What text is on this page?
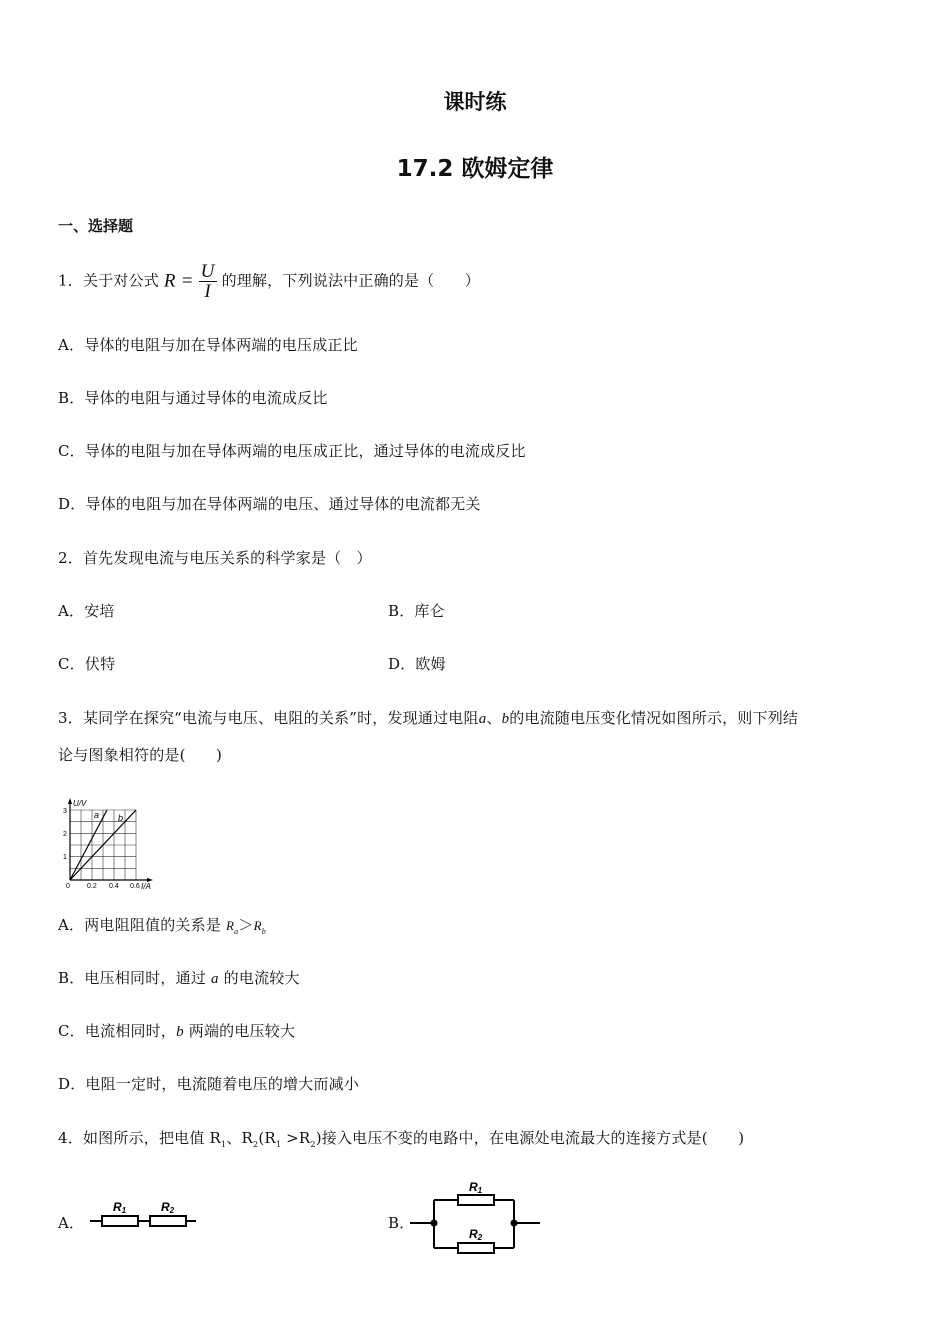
课时练
17.2 欧姆定律
一、选择题
1．关于对公式 $R = \frac{U}{I}$ 的理解，下列说法中正确的是（　　）
A．导体的电阻与加在导体两端的电压成正比
B．导体的电阻与通过导体的电流成反比
C．导体的电阻与加在导体两端的电压成正比，通过导体的电流成反比
D．导体的电阻与加在导体两端的电压、通过导体的电流都无关
2．首先发现电流与电压关系的科学家是（　）
A．安培	B．库仑
C．伏特	D．欧姆
3．某同学在探究“电流与电压、电阻的关系”时，发现通过电阻a、b的电流随电压变化情况如图所示，则下列结
论与图象相符的是(　　)
U/V
I/A
a b
1
2
3
0 0.2 0.4 0.6
A．两电阻阻值的关系是 $R_a>R_b$
B．电压相同时，通过 a 的电流较大
C．电流相同时，b 两端的电压较大
D．电阻一定时，电流随着电压的增大而减小
4．如图所示，把电值 $R_1$、$R_2(R_1 >R_2)$接入电压不变的电路中，在电源处电流最大的连接方式是(　　)
A．
R1	R2
B．
R1
R2
